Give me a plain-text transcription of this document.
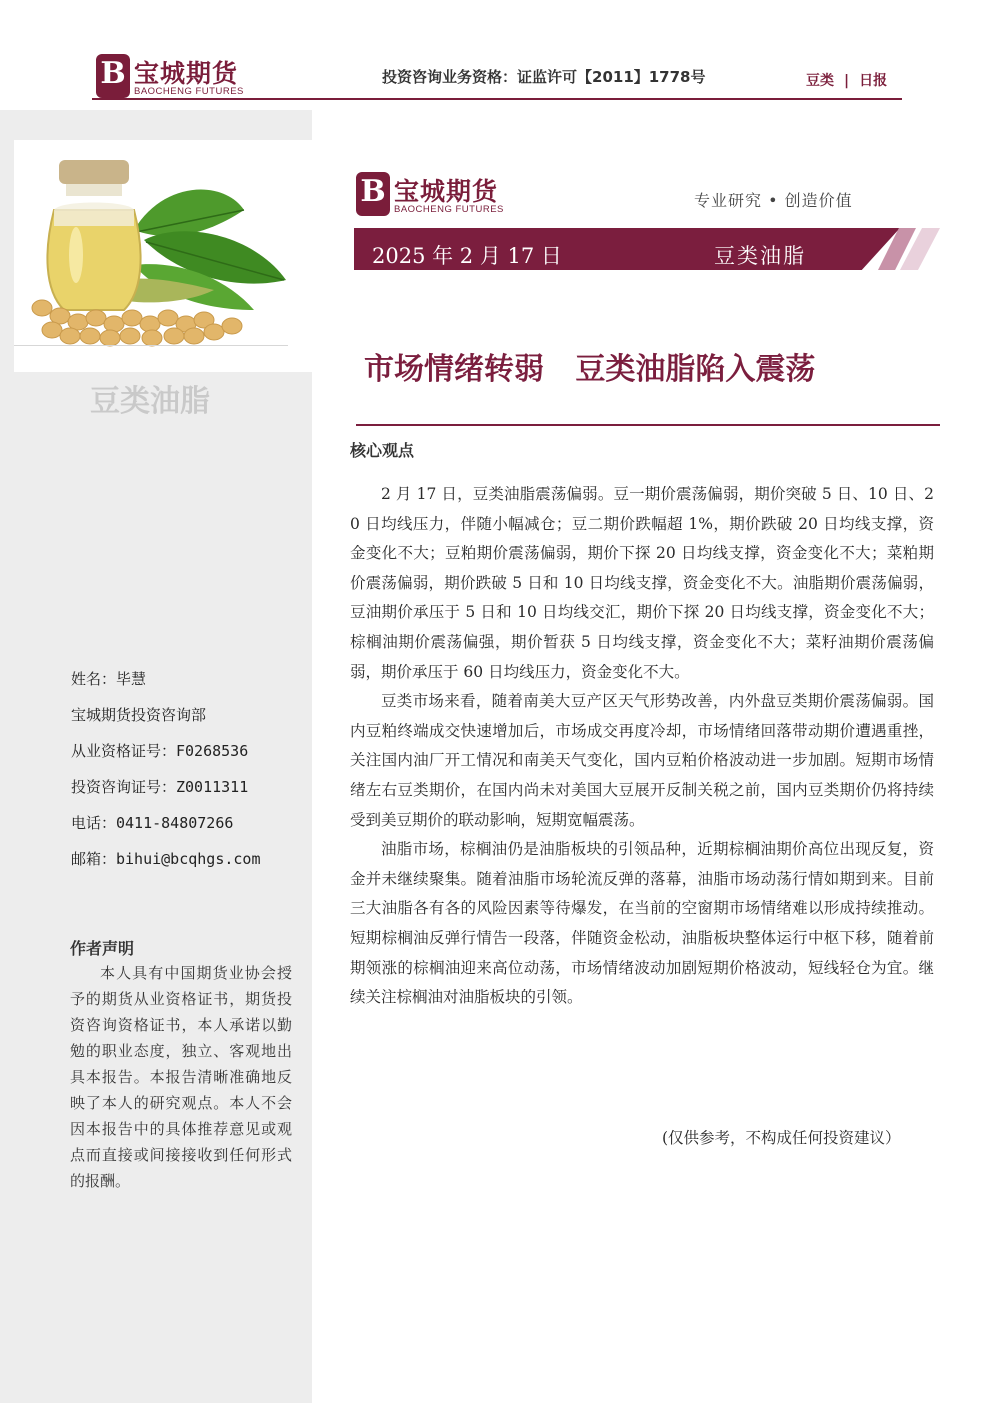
B 宝城期货
BAOCHENG FUTURES
投资咨询业务资格：证监许可【2011】1778号	豆类 | 日报
豆类油脂
姓名：毕慧
宝城期货投资咨询部
从业资格证号：F0268536
投资咨询证号：Z0011311
电话：0411-84807266
邮箱：bihui@bcqhgs.com
作者声明
本人具有中国期货业协会授予的期货从业资格证书，期货投资咨询资格证书，本人承诺以勤勉的职业态度，独立、客观地出具本报告。本报告清晰准确地反映了本人的研究观点。本人不会因本报告中的具体推荐意见或观点而直接或间接接收到任何形式的报酬。
B 宝城期货
BAOCHENG FUTURES	专业研究 • 创造价值
2025 年 2 月 17 日	豆类油脂
市场情绪转弱   豆类油脂陷入震荡
核心观点

2 月 17 日，豆类油脂震荡偏弱。豆一期价震荡偏弱，期价突破 5 日、10 日、20 日均线压力，伴随小幅减仓；豆二期价跌幅超 1%，期价跌破 20 日均线支撑，资金变化不大；豆粕期价震荡偏弱，期价下探 20 日均线支撑，资金变化不大；菜粕期价震荡偏弱，期价跌破 5 日和 10 日均线支撑，资金变化不大。油脂期价震荡偏弱，豆油期价承压于 5 日和 10 日均线交汇，期价下探 20 日均线支撑，资金变化不大；棕榈油期价震荡偏强，期价暂获 5 日均线支撑，资金变化不大；菜籽油期价震荡偏弱，期价承压于 60 日均线压力，资金变化不大。

豆类市场来看，随着南美大豆产区天气形势改善，内外盘豆类期价震荡偏弱。国内豆粕终端成交快速增加后，市场成交再度冷却，市场情绪回落带动期价遭遇重挫，关注国内油厂开工情况和南美天气变化，国内豆粕价格波动进一步加剧。短期市场情绪左右豆类期价，在国内尚未对美国大豆展开反制关税之前，国内豆类期价仍将持续受到美豆期价的联动影响，短期宽幅震荡。

油脂市场，棕榈油仍是油脂板块的引领品种，近期棕榈油期价高位出现反复，资金并未继续聚集。随着油脂市场轮流反弹的落幕，油脂市场动荡行情如期到来。目前三大油脂各有各的风险因素等待爆发，在当前的空窗期市场情绪难以形成持续推动。短期棕榈油反弹行情告一段落，伴随资金松动，油脂板块整体运行中枢下移，随着前期领涨的棕榈油迎来高位动荡，市场情绪波动加剧短期价格波动，短线轻仓为宜。继续关注棕榈油对油脂板块的引领。

(仅供参考，不构成任何投资建议）
